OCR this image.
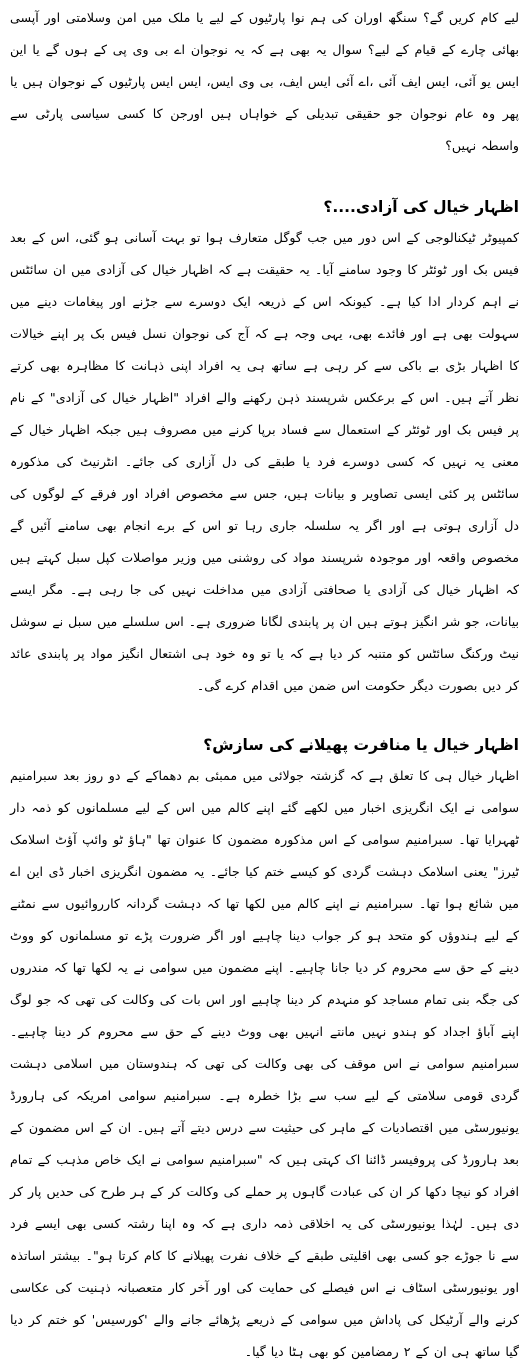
لیے کام کریں گے؟ سنگھ اوران کی ہم نوا پارٹیوں کے لیے یا ملک میں امن وسلامتی اور آپسی بھائی چارے کے قیام کے لیے؟ سوال یہ بھی ہے کہ یہ نوجوان اے بی وی پی کے ہوں گے یا این ایس یو آئی، ایس ایف آئی ،اے آئی ایس ایف، بی وی ایس، ایس ایس پارٹیوں کے نوجوان ہیں یا پھر وہ عام نوجوان جو حقیقی تبدیلی کے خواہاں ہیں اورجن کا کسی سیاسی پارٹی سے واسطہ نہیں؟

اظہار خیال کی آزادی....؟

کمپیوٹر ٹیکنالوجی کے اس دور میں جب گوگل متعارف ہوا تو بہت آسانی ہو گئی، اس کے بعد فیس بک اور ٹوئٹر کا وجود سامنے آیا۔ یہ حقیقت ہے کہ اظہار خیال کی آزادی میں ان سائٹس نے اہم کردار ادا کیا ہے۔ کیونکہ اس کے ذریعہ ایک دوسرے سے جڑنے اور پیغامات دینے میں سہولت بھی ہے اور فائدے بھی، یہی وجہ ہے کہ آج کی نوجوان نسل فیس بک پر اپنے خیالات کا اظہار بڑی بے باکی سے کر رہی ہے ساتھ ہی یہ افراد اپنی ذہانت کا مظاہرہ بھی کرتے نظر آتے ہیں۔ اس کے برعکس شرپسند ذہن رکھنے والے افراد "اظہار خیال کی آزادی" کے نام پر فیس بک اور ٹوئٹر کے استعمال سے فساد برپا کرنے میں مصروف ہیں جبکہ اظہار خیال کے معنی یہ نہیں کہ کسی دوسرے فرد یا طبقے کی دل آزاری کی جائے۔ انٹرنیٹ کی مذکورہ سائٹس پر کئی ایسی تصاویر و بیانات ہیں، جس سے مخصوص افراد اور فرقے کے لوگوں کی دل آزاری ہوتی ہے اور اگر یہ سلسلہ جاری رہا تو اس کے برے انجام بھی سامنے آئیں گے مخصوص واقعہ اور موجودہ شرپسند مواد کی روشنی میں وزیر مواصلات کپل سبل کہتے ہیں کہ اظہار خیال کی آزادی یا صحافتی آزادی میں مداخلت نہیں کی جا رہی ہے۔ مگر ایسے بیانات، جو شر انگیز ہوتے ہیں ان پر پابندی لگانا ضروری ہے۔ اس سلسلے میں سبل نے سوشل نیٹ ورکنگ سائٹس کو متنبہ کر دیا ہے کہ یا تو وہ خود ہی اشتعال انگیز مواد پر پابندی عائد کر دیں بصورت دیگر حکومت اس ضمن میں اقدام کرے گی۔

اظہار خیال یا منافرت پھیلانے کی سازش؟

اظہار خیال ہی کا تعلق ہے کہ گزشتہ جولائی میں ممبئی بم دھماکے کے دو روز بعد سبرامنیم سوامی نے ایک انگریزی اخبار میں لکھے گئے اپنے کالم میں اس کے لیے مسلمانوں کو ذمہ دار ٹھہرایا تھا۔ سبرامنیم سوامی کے اس مذکورہ مضمون کا عنوان تھا "ہاؤ ٹو وائپ آؤٹ اسلامک ٹیرز" یعنی اسلامک دہشت گردی کو کیسے ختم کیا جائے۔ یہ مضمون انگریزی اخبار ڈی این اے میں شائع ہوا تھا۔ سبرامنیم نے اپنے کالم میں لکھا تھا کہ دہشت گردانہ کارروائیوں سے نمٹنے کے لیے ہندوؤں کو متحد ہو کر جواب دینا چاہیے اور اگر ضرورت پڑے تو مسلمانوں کو ووٹ دینے کے حق سے محروم کر دیا جانا چاہیے۔ اپنے مضمون میں سوامی نے یہ لکھا تھا کہ مندروں کی جگہ بنی تمام مساجد کو منہدم کر دینا چاہیے اور اس بات کی وکالت کی تھی کہ جو لوگ اپنے آباؤ اجداد کو ہندو نہیں مانتے انہیں بھی ووٹ دینے کے حق سے محروم کر دینا چاہیے۔ سبرامنیم سوامی نے اس موقف کی بھی وکالت کی تھی کہ ہندوستان میں اسلامی دہشت گردی قومی سلامتی کے لیے سب سے بڑا خطرہ ہے۔ سبرامنیم سوامی امریکہ کی ہارورڈ یونیورسٹی میں اقتصادیات کے ماہر کی حیثیت سے درس دیتے آتے ہیں۔ ان کے اس مضمون کے بعد ہارورڈ کی پروفیسر ڈائنا اک کہتی ہیں کہ "سبرامنیم سوامی نے ایک خاص مذہب کے تمام افراد کو نیچا دکھا کر ان کی عبادت گاہوں پر حملے کی وکالت کر کے ہر طرح کی حدیں پار کر دی ہیں۔ لہٰذا یونیورسٹی کی یہ اخلاقی ذمہ داری ہے کہ وہ اپنا رشتہ کسی بھی ایسے فرد سے نا جوڑے جو کسی بھی اقلیتی طبقے کے خلاف نفرت پھیلانے کا کام کرتا ہو"۔ بیشتر اساتذہ اور یونیورسٹی اسٹاف نے اس فیصلے کی حمایت کی اور آخر کار متعصبانہ ذہنیت کی عکاسی کرنے والے آرٹیکل کی پاداش میں سوامی کے ذریعے پڑھائے جانے والے 'کورسیس' کو ختم کر دیا گیا ساتھ ہی ان کے ۲ رمضامین کو بھی ہٹا دیا گیا۔
